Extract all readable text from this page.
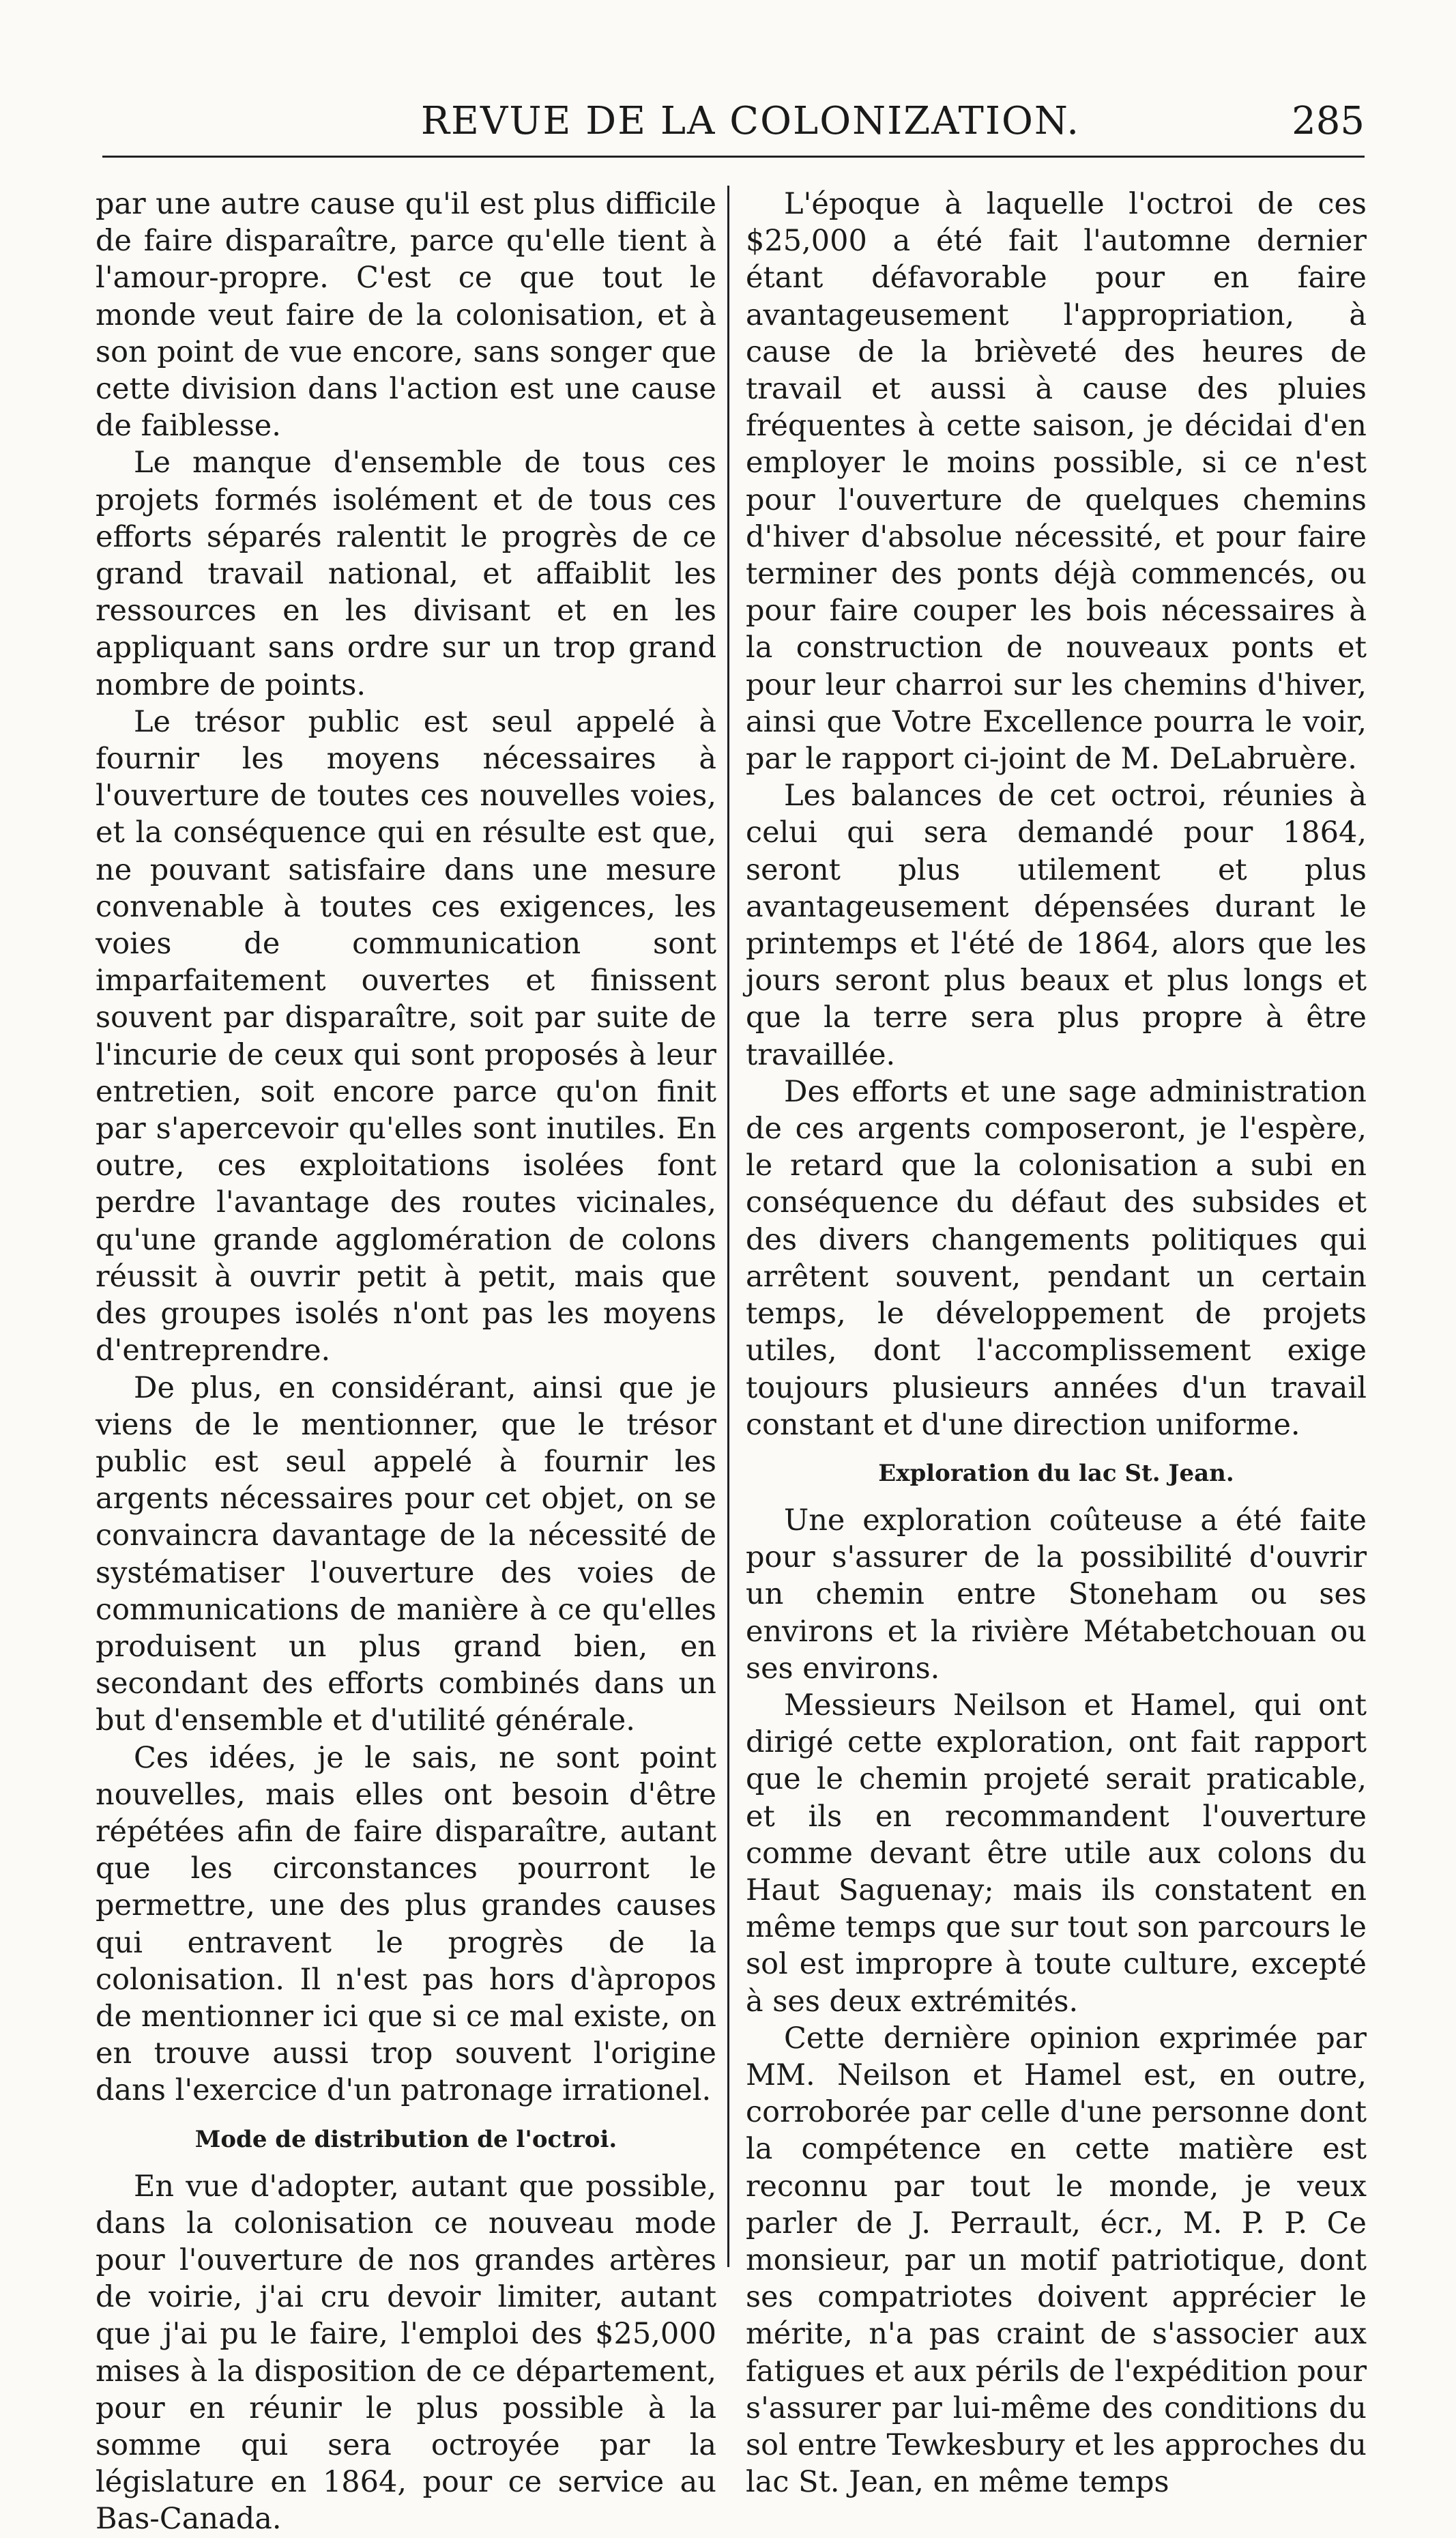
REVUE DE LA COLONIZATION.	285

par une autre cause qu'il est plus difficile de faire disparaître, parce qu'elle tient à l'amour-propre. C'est ce que tout le monde veut faire de la colonisation, et à son point de vue encore, sans songer que cette division dans l'action est une cause de faiblesse.

Le manque d'ensemble de tous ces projets formés isolément et de tous ces efforts séparés ralentit le progrès de ce grand travail national, et affaiblit les ressources en les divisant et en les appliquant sans ordre sur un trop grand nombre de points.

Le trésor public est seul appelé à fournir les moyens nécessaires à l'ouverture de toutes ces nouvelles voies, et la conséquence qui en résulte est que, ne pouvant satisfaire dans une mesure convenable à toutes ces exigences, les voies de communication sont imparfaitement ouvertes et finissent souvent par disparaître, soit par suite de l'incurie de ceux qui sont proposés à leur entretien, soit encore parce qu'on finit par s'apercevoir qu'elles sont inutiles. En outre, ces exploitations isolées font perdre l'avantage des routes vicinales, qu'une grande agglomération de colons réussit à ouvrir petit à petit, mais que des groupes isolés n'ont pas les moyens d'entreprendre.

De plus, en considérant, ainsi que je viens de le mentionner, que le trésor public est seul appelé à fournir les argents nécessaires pour cet objet, on se convaincra davantage de la nécessité de systématiser l'ouverture des voies de communications de manière à ce qu'elles produisent un plus grand bien, en secondant des efforts combinés dans un but d'ensemble et d'utilité générale.

Ces idées, je le sais, ne sont point nouvelles, mais elles ont besoin d'être répétées afin de faire disparaître, autant que les circonstances pourront le permettre, une des plus grandes causes qui entravent le progrès de la colonisation. Il n'est pas hors d'àpropos de mentionner ici que si ce mal existe, on en trouve aussi trop souvent l'origine dans l'exercice d'un patronage irrationel.

Mode de distribution de l'octroi.

En vue d'adopter, autant que possible, dans la colonisation ce nouveau mode pour l'ouverture de nos grandes artères de voirie, j'ai cru devoir limiter, autant que j'ai pu le faire, l'emploi des $25,000 mises à la disposition de ce département, pour en réunir le plus possible à la somme qui sera octroyée par la législature en 1864, pour ce service au Bas-Canada.

L'époque à laquelle l'octroi de ces $25,000 a été fait l'automne dernier étant défavorable pour en faire avantageusement l'appropriation, à cause de la brièveté des heures de travail et aussi à cause des pluies fréquentes à cette saison, je décidai d'en employer le moins possible, si ce n'est pour l'ouverture de quelques chemins d'hiver d'absolue nécessité, et pour faire terminer des ponts déjà commencés, ou pour faire couper les bois nécessaires à la construction de nouveaux ponts et pour leur charroi sur les chemins d'hiver, ainsi que Votre Excellence pourra le voir, par le rapport ci-joint de M. DeLabruère.

Les balances de cet octroi, réunies à celui qui sera demandé pour 1864, seront plus utilement et plus avantageusement dépensées durant le printemps et l'été de 1864, alors que les jours seront plus beaux et plus longs et que la terre sera plus propre à être travaillée.

Des efforts et une sage administration de ces argents composeront, je l'espère, le retard que la colonisation a subi en conséquence du défaut des subsides et des divers changements politiques qui arrêtent souvent, pendant un certain temps, le développement de projets utiles, dont l'accomplissement exige toujours plusieurs années d'un travail constant et d'une direction uniforme.

Exploration du lac St. Jean.

Une exploration coûteuse a été faite pour s'assurer de la possibilité d'ouvrir un chemin entre Stoneham ou ses environs et la rivière Métabetchouan ou ses environs.

Messieurs Neilson et Hamel, qui ont dirigé cette exploration, ont fait rapport que le chemin projeté serait praticable, et ils en recommandent l'ouverture comme devant être utile aux colons du Haut Saguenay; mais ils constatent en même temps que sur tout son parcours le sol est impropre à toute culture, excepté à ses deux extrémités.

Cette dernière opinion exprimée par MM. Neilson et Hamel est, en outre, corroborée par celle d'une personne dont la compétence en cette matière est reconnu par tout le monde, je veux parler de J. Perrault, écr., M. P. P. Ce monsieur, par un motif patriotique, dont ses compatriotes doivent apprécier le mérite, n'a pas craint de s'associer aux fatigues et aux périls de l'expédition pour s'assurer par lui-même des conditions du sol entre Tewkesbury et les approches du lac St. Jean, en même temps
